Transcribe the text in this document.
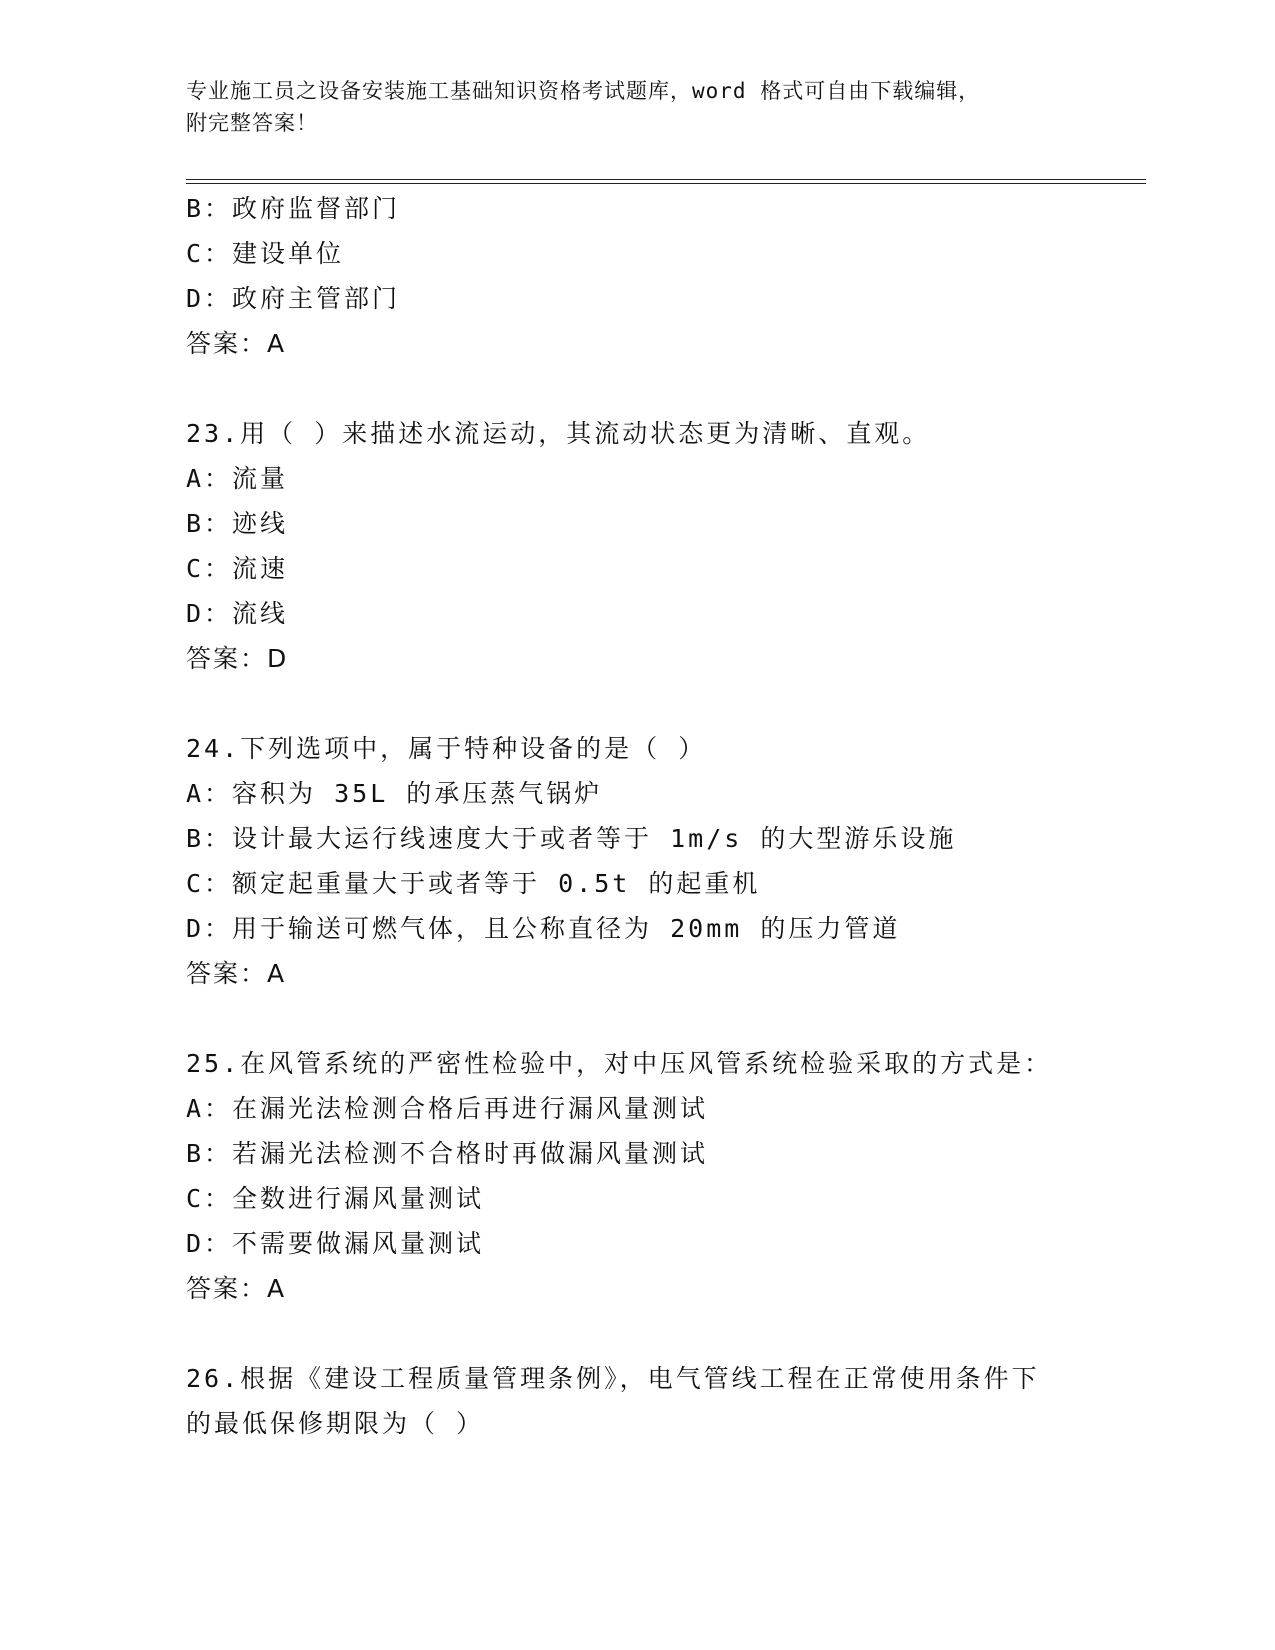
专业施工员之设备安装施工基础知识资格考试题库，word 格式可自由下载编辑，
附完整答案！
B：政府监督部门
C：建设单位
D：政府主管部门
答案：A
23.用（ ）来描述水流运动，其流动状态更为清晰、直观。
A：流量
B：迹线
C：流速
D：流线
答案：D
24.下列选项中，属于特种设备的是（ ）
A：容积为 35L 的承压蒸气锅炉
B：设计最大运行线速度大于或者等于 1m/s 的大型游乐设施
C：额定起重量大于或者等于 0.5t 的起重机
D：用于输送可燃气体，且公称直径为 20mm 的压力管道
答案：A
25.在风管系统的严密性检验中，对中压风管系统检验采取的方式是：
A：在漏光法检测合格后再进行漏风量测试
B：若漏光法检测不合格时再做漏风量测试
C：全数进行漏风量测试
D：不需要做漏风量测试
答案：A
26.根据《建设工程质量管理条例》，电气管线工程在正常使用条件下
的最低保修期限为（ ）
